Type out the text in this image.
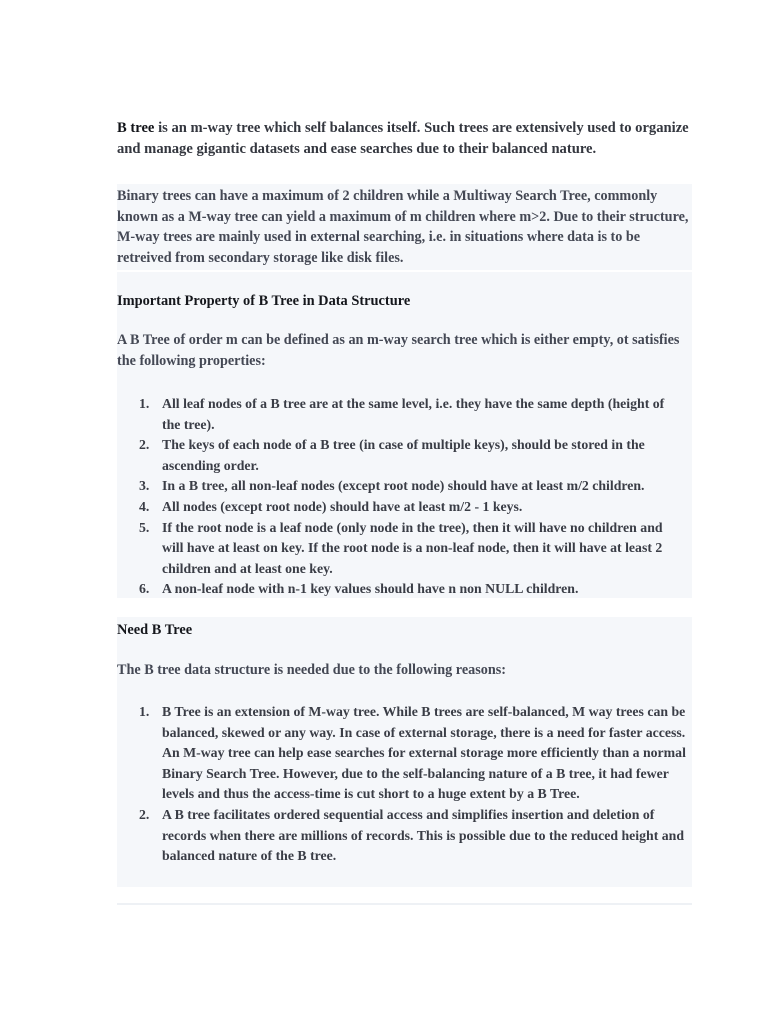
B tree is an m-way tree which self balances itself. Such trees are extensively used to organize and manage gigantic datasets and ease searches due to their balanced nature.

Binary trees can have a maximum of 2 children while a Multiway Search Tree, commonly known as a M-way tree can yield a maximum of m children where m>2. Due to their structure, M-way trees are mainly used in external searching, i.e. in situations where data is to be retreived from secondary storage like disk files.

Important Property of B Tree in Data Structure

A B Tree of order m can be defined as an m-way search tree which is either empty, ot satisfies the following properties:

1. All leaf nodes of a B tree are at the same level, i.e. they have the same depth (height of the tree).
2. The keys of each node of a B tree (in case of multiple keys), should be stored in the ascending order.
3. In a B tree, all non-leaf nodes (except root node) should have at least m/2 children.
4. All nodes (except root node) should have at least m/2 - 1 keys.
5. If the root node is a leaf node (only node in the tree), then it will have no children and will have at least on key. If the root node is a non-leaf node, then it will have at least 2 children and at least one key.
6. A non-leaf node with n-1 key values should have n non NULL children.
Need B Tree

The B tree data structure is needed due to the following reasons:

1. B Tree is an extension of M-way tree. While B trees are self-balanced, M way trees can be balanced, skewed or any way. In case of external storage, there is a need for faster access. An M-way tree can help ease searches for external storage more efficiently than a normal Binary Search Tree. However, due to the self-balancing nature of a B tree, it had fewer levels and thus the access-time is cut short to a huge extent by a B Tree.
2. A B tree facilitates ordered sequential access and simplifies insertion and deletion of records when there are millions of records. This is possible due to the reduced height and balanced nature of the B tree.
